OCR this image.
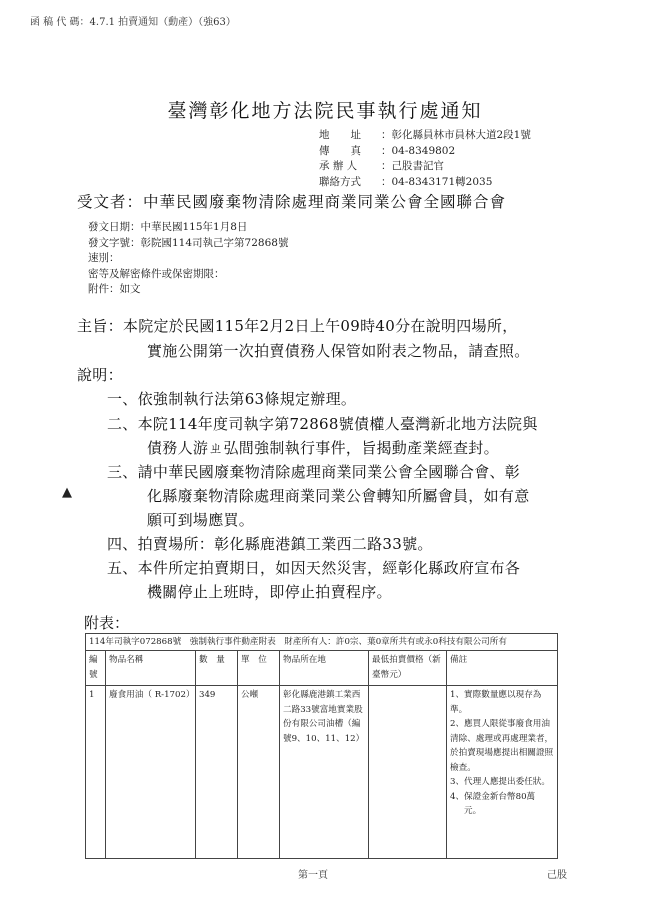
函 稿 代 碼：4.7.1 拍賣通知（動產）（強63）
臺灣彰化地方法院民事執行處通知
地　　址	：彰化縣員林市員林大道2段1號
傳　　真	：04-8349802
承 辦 人	：己股書記官
聯絡方式	：04-8343171轉2035
受文者：中華民國廢棄物清除處理商業同業公會全國聯合會
發文日期：中華民國115年1月8日
發文字號：彰院國114司執己字第72868號
速別：
密等及解密條件或保密期限：
附件：如文
主旨：本院定於民國115年2月2日上午09時40分在說明四場所，
實施公開第一次拍賣債務人保管如附表之物品，請查照。
說明：
一、依強制執行法第63條規定辦理。
二、本院114年度司執字第72868號債權人臺灣新北地方法院與
債務人游ㄓ弘間強制執行事件，旨揭動產業經查封。
▲
三、請中華民國廢棄物清除處理商業同業公會全國聯合會、彰
化縣廢棄物清除處理商業同業公會轉知所屬會員，如有意
願可到場應買。
四、拍賣場所：彰化縣鹿港鎮工業西二路33號。
五、本件所定拍賣期日，如因天然災害，經彰化縣政府宣布各
機關停止上班時，即停止拍賣程序。
附表：
114年司執字072868號　強制執行事件動產附表　財產所有人：許0宗、葉0章所共有或永0科技有限公司所有						
編號	物品名稱	數　量	單　位	物品所在地	最低拍賣價格（新臺幣元）	備註
1	廢食用油（ R-1702）	349	公噸	彰化縣鹿港鎮工業西二路33號富地實業股份有限公司油槽（編號9、10、11、12）		1、實際數量應以現存為準。
2、應買人限從事廢食用油清除、處理或再處理業者，於拍賣現場應提出相關證照檢查。
3、代理人應提出委任狀。
4、保證金新台幣80萬
元。
第一頁	己股
